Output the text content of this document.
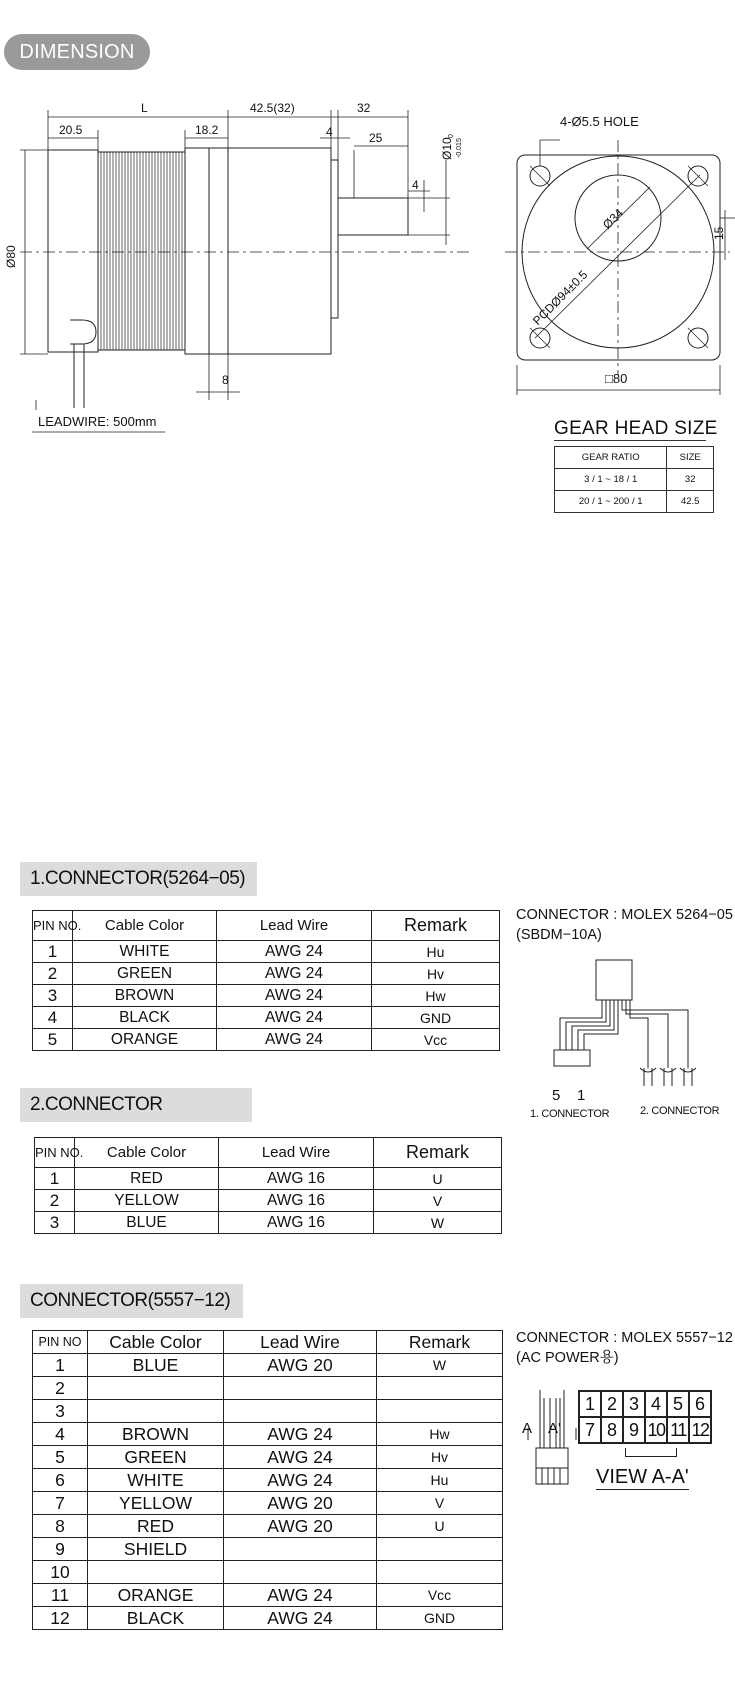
DIMENSION
L
20.5	18.2
42.5(32)	32
4	25
4
Ø10
0
-0.015
Ø80
8
LEADWIRE: 500mm
4-Ø5.5 HOLE
Ø34
PCDØ94±0.5
15
□80
GEAR HEAD SIZE
GEAR RATIO	SIZE
3 / 1 ~ 18 / 1	32
20 / 1 ~ 200 / 1	42.5
1.CONNECTOR(5264−05)
PIN NO.	Cable Color	Lead Wire	Remark
1	WHITE	AWG 24	Hu
2	GREEN	AWG 24	Hv
3	BROWN	AWG 24	Hw
4	BLACK	AWG 24	GND
5	ORANGE	AWG 24	Vcc
CONNECTOR : MOLEX 5264−05
(SBDM−10A)
5 1
1. CONNECTOR	2. CONNECTOR
2.CONNECTOR
PIN NO.	Cable Color	Lead Wire	Remark
1	RED	AWG 16	U
2	YELLOW	AWG 16	V
3	BLUE	AWG 16	W
CONNECTOR(5557−12)
PIN NO	Cable Color	Lead Wire	Remark
1	BLUE	AWG 20	W
2			
3			
4	BROWN	AWG 24	Hw
5	GREEN	AWG 24	Hv
6	WHITE	AWG 24	Hu
7	YELLOW	AWG 20	V
8	RED	AWG 20	U
9	SHIELD		
10			
11	ORANGE	AWG 24	Vcc
12	BLACK	AWG 24	GND
CONNECTOR : MOLEX 5557−12
(AC POWER용)
A A'
1 2 3 4 5 6
7 8 9 10 11 12
VIEW A-A'
